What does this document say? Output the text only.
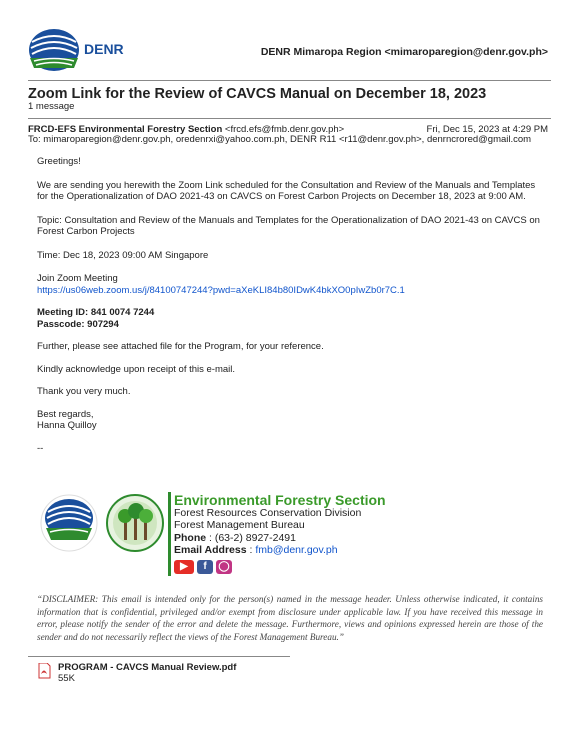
DENR	DENR Mimaropa Region <mimaroparegion@denr.gov.ph>
Zoom Link for the Review of CAVCS Manual on December 18, 2023
1 message
FRCD-EFS Environmental Forestry Section <frcd.efs@fmb.denr.gov.ph>	Fri, Dec 15, 2023 at 4:29 PM
To: mimaroparegion@denr.gov.ph, oredenrxi@yahoo.com.ph, DENR R11 <r11@denr.gov.ph>, denrncrored@gmail.com

Greetings!

We are sending you herewith the Zoom Link scheduled for the Consultation and Review of the Manuals and Templates for the Operationalization of DAO 2021-43 on CAVCS on Forest Carbon Projects on December 18, 2023 at 9:00 AM.

Topic: Consultation and Review of the Manuals and Templates for the Operationalization of DAO 2021-43 on CAVCS on Forest Carbon Projects

Time: Dec 18, 2023 09:00 AM Singapore

Join Zoom Meeting

https://us06web.zoom.us/j/84100747244?pwd=aXeKLI84b80IDwK4bkXO0pIwZb0r7C.1

Meeting ID: 841 0074 7244

Passcode: 907294

Further, please see attached file for the Program, for your reference.

Kindly acknowledge upon receipt of this e-mail.

Thank you very much.

Best regards,

Hanna Quilloy

--

Environmental Forestry Section
Forest Resources Conservation Division
Forest Management Bureau
Phone : (63-2) 8927-2491
Email Address : fmb@denr.gov.ph
▶ f ◯
“DISCLAIMER: This email is intended only for the person(s) named in the message header. Unless otherwise indicated, it contains information that is confidential, privileged and/or exempt from disclosure under applicable law. If you have received this message in error, please notify the sender of the error and delete the message. Furthermore, views and opinions expressed herein are those of the sender and do not necessarily reflect the views of the Forest Management Bureau.”
PROGRAM - CAVCS Manual Review.pdf
55K
